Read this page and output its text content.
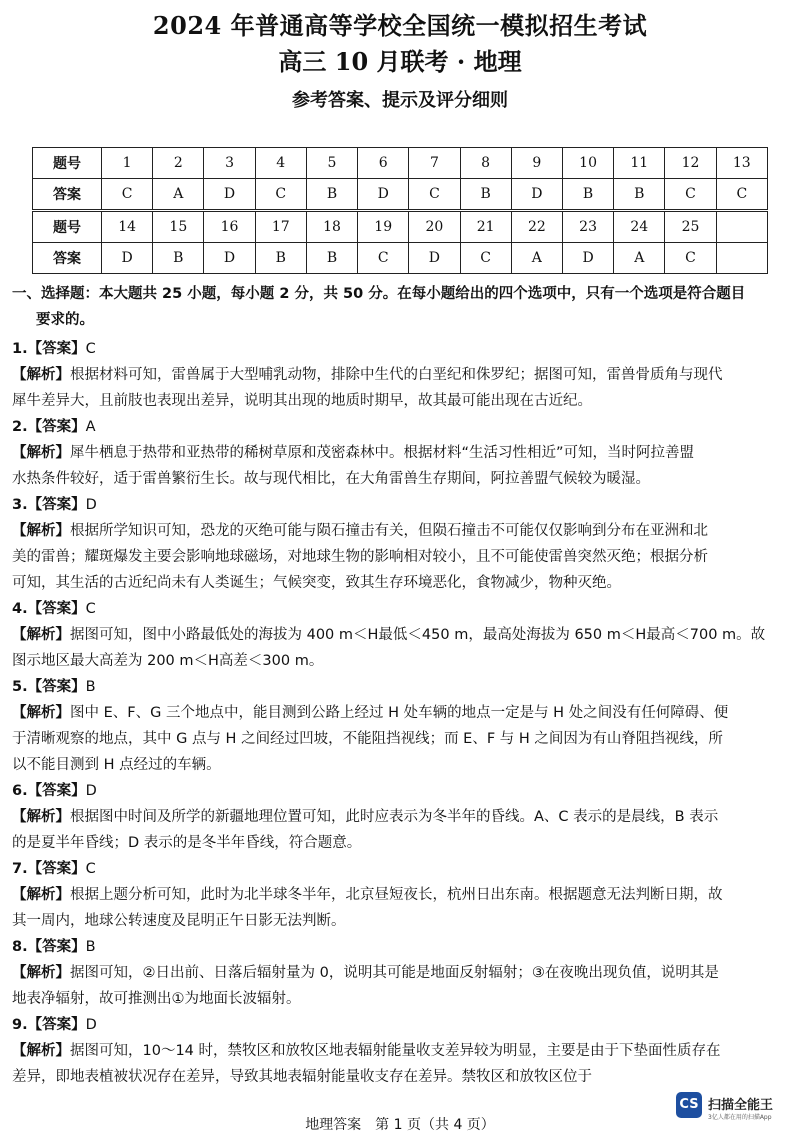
2024 年普通高等学校全国统一模拟招生考试
高三 10 月联考 · 地理
参考答案、提示及评分细则
题号	1	2	3	4	5	6	7	8	9	10	11	12	13
答案	C	A	D	C	B	D	C	B	D	B	B	C	C
题号	14	15	16	17	18	19	20	21	22	23	24	25	
答案	D	B	D	B	B	C	D	C	A	D	A	C	
一、选择题：本大题共 25 小题，每小题 2 分，共 50 分。在每小题给出的四个选项中，只有一个选项是符合题目
要求的。
1.【答案】C
【解析】根据材料可知，雷兽属于大型哺乳动物，排除中生代的白垩纪和侏罗纪；据图可知，雷兽骨质角与现代
犀牛差异大，且前肢也表现出差异，说明其出现的地质时期早，故其最可能出现在古近纪。
2.【答案】A
【解析】犀牛栖息于热带和亚热带的稀树草原和茂密森林中。根据材料“生活习性相近”可知，当时阿拉善盟
水热条件较好，适于雷兽繁衍生长。故与现代相比，在大角雷兽生存期间，阿拉善盟气候较为暖湿。
3.【答案】D
【解析】根据所学知识可知，恐龙的灭绝可能与陨石撞击有关，但陨石撞击不可能仅仅影响到分布在亚洲和北
美的雷兽；耀斑爆发主要会影响地球磁场，对地球生物的影响相对较小，且不可能使雷兽突然灭绝；根据分析
可知，其生活的古近纪尚未有人类诞生；气候突变，致其生存环境恶化，食物减少，物种灭绝。
4.【答案】C
【解析】据图可知，图中小路最低处的海拔为 400 m＜H最低＜450 m，最高处海拔为 650 m＜H最高＜700 m。故
图示地区最大高差为 200 m＜H高差＜300 m。
5.【答案】B
【解析】图中 E、F、G 三个地点中，能目测到公路上经过 H 处车辆的地点一定是与 H 处之间没有任何障碍、便
于清晰观察的地点，其中 G 点与 H 之间经过凹坡，不能阻挡视线；而 E、F 与 H 之间因为有山脊阻挡视线，所
以不能目测到 H 点经过的车辆。
6.【答案】D
【解析】根据图中时间及所学的新疆地理位置可知，此时应表示为冬半年的昏线。A、C 表示的是晨线，B 表示
的是夏半年昏线；D 表示的是冬半年昏线，符合题意。
7.【答案】C
【解析】根据上题分析可知，此时为北半球冬半年，北京昼短夜长，杭州日出东南。根据题意无法判断日期，故
其一周内，地球公转速度及昆明正午日影无法判断。
8.【答案】B
【解析】据图可知，②日出前、日落后辐射量为 0，说明其可能是地面反射辐射；③在夜晚出现负值，说明其是
地表净辐射，故可推测出①为地面长波辐射。
9.【答案】D
【解析】据图可知，10～14 时，禁牧区和放牧区地表辐射能量收支差异较为明显，主要是由于下垫面性质存在
差异，即地表植被状况存在差异，导致其地表辐射能量收支存在差异。禁牧区和放牧区位于
CS 扫描全能王
3亿人都在用的扫描App
地理答案　第 1 页（共 4 页）
